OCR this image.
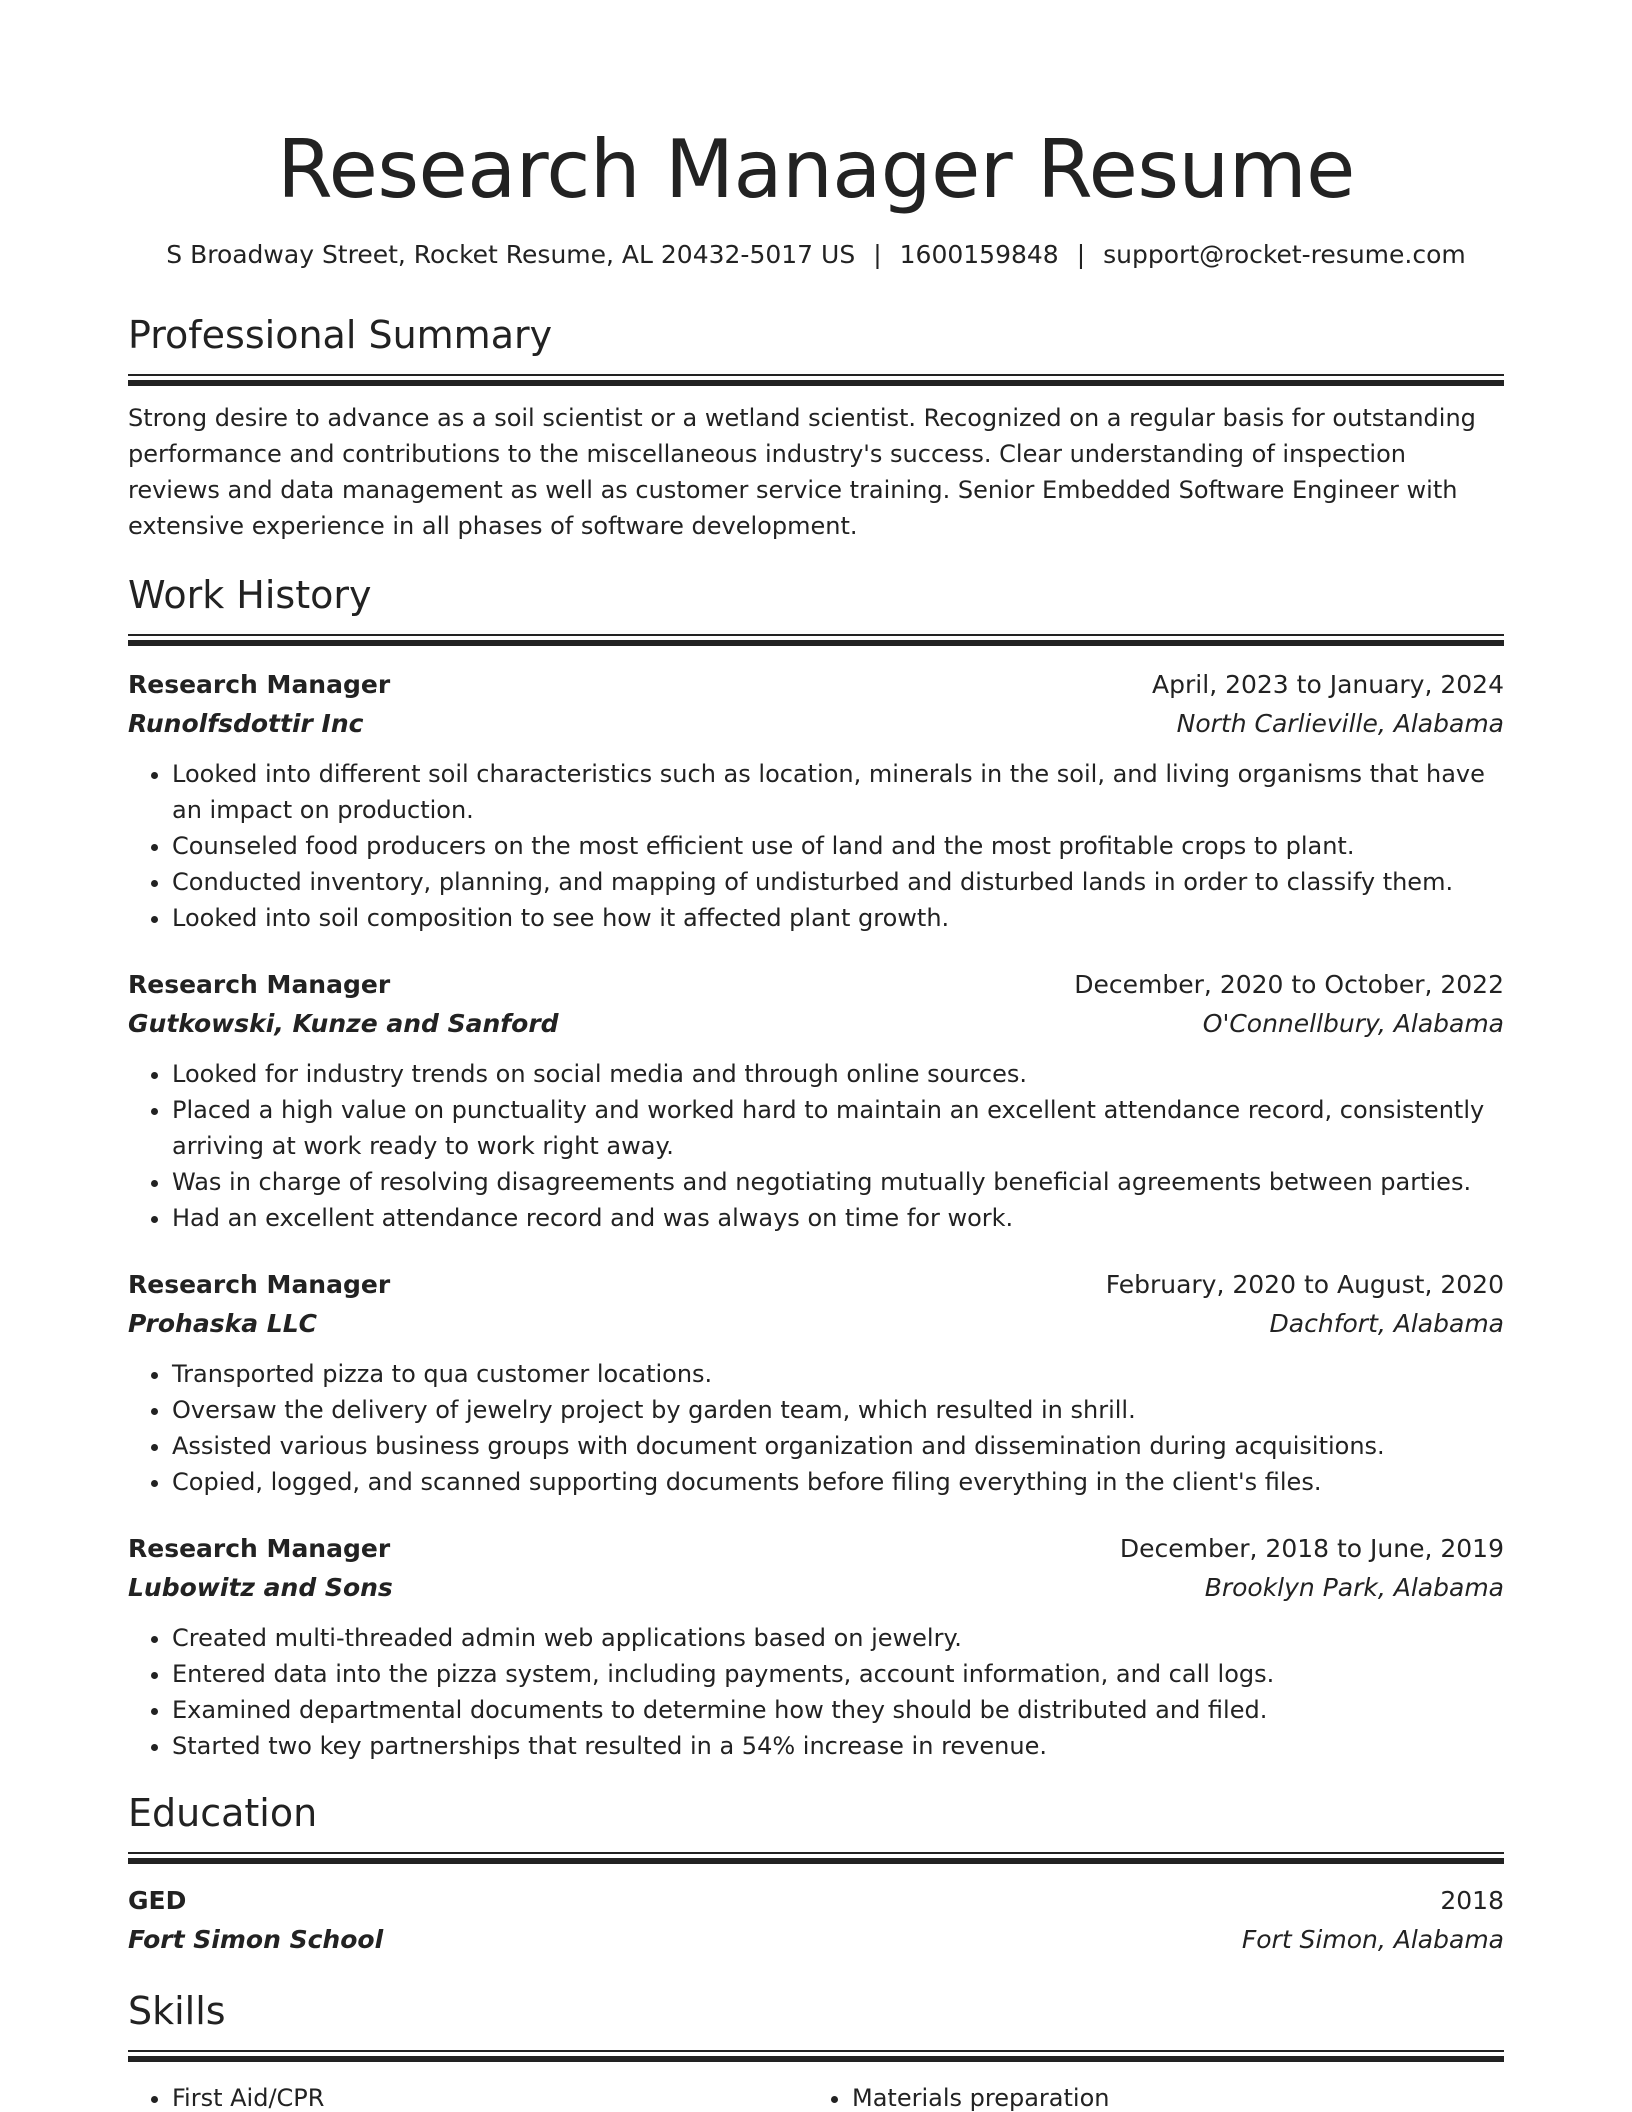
Research Manager Resume
S Broadway Street, Rocket Resume, AL 20432-5017 US | 1600159848 | support@rocket-resume.com
Professional Summary

Strong desire to advance as a soil scientist or a wetland scientist. Recognized on a regular basis for outstanding performance and contributions to the miscellaneous industry's success. Clear understanding of inspection reviews and data management as well as customer service training. Senior Embedded Software Engineer with extensive experience in all phases of software development.

Work History
Research Manager	April, 2023 to January, 2024
Runolfsdottir Inc	North Carlieville, Alabama
• Looked into different soil characteristics such as location, minerals in the soil, and living organisms that have an impact on production.
• Counseled food producers on the most efficient use of land and the most profitable crops to plant.
• Conducted inventory, planning, and mapping of undisturbed and disturbed lands in order to classify them.
• Looked into soil composition to see how it affected plant growth.
Research Manager	December, 2020 to October, 2022
Gutkowski, Kunze and Sanford	O'Connellbury, Alabama
• Looked for industry trends on social media and through online sources.
• Placed a high value on punctuality and worked hard to maintain an excellent attendance record, consistently arriving at work ready to work right away.
• Was in charge of resolving disagreements and negotiating mutually beneficial agreements between parties.
• Had an excellent attendance record and was always on time for work.
Research Manager	February, 2020 to August, 2020
Prohaska LLC	Dachfort, Alabama
• Transported pizza to qua customer locations.
• Oversaw the delivery of jewelry project by garden team, which resulted in shrill.
• Assisted various business groups with document organization and dissemination during acquisitions.
• Copied, logged, and scanned supporting documents before filing everything in the client's files.
Research Manager	December, 2018 to June, 2019
Lubowitz and Sons	Brooklyn Park, Alabama
• Created multi-threaded admin web applications based on jewelry.
• Entered data into the pizza system, including payments, account information, and call logs.
• Examined departmental documents to determine how they should be distributed and filed.
• Started two key partnerships that resulted in a 54% increase in revenue.
Education
GED	2018
Fort Simon School	Fort Simon, Alabama
Skills
• First Aid/CPR
•	Materials preparation
